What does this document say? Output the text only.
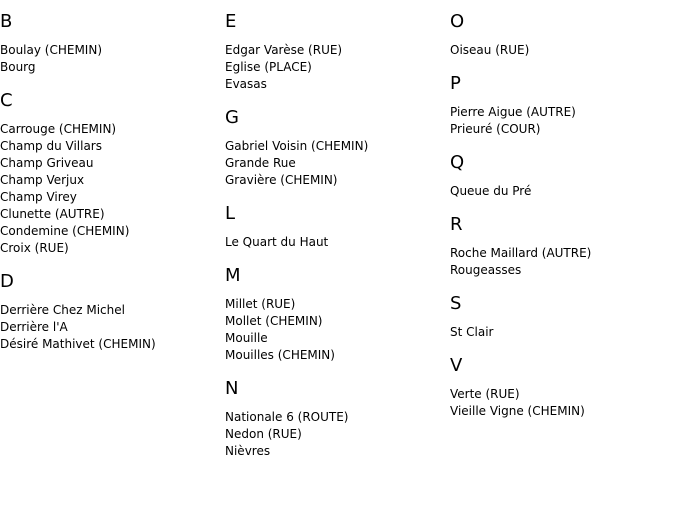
B
Boulay (CHEMIN)
Bourg
C
Carrouge (CHEMIN)
Champ du Villars
Champ Griveau
Champ Verjux
Champ Virey
Clunette (AUTRE)
Condemine (CHEMIN)
Croix (RUE)
D
Derrière Chez Michel
Derrière l'A
Désiré Mathivet (CHEMIN)
E
Edgar Varèse (RUE)
Eglise (PLACE)
Evasas
G
Gabriel Voisin (CHEMIN)
Grande Rue
Gravière (CHEMIN)
L
Le Quart du Haut
M
Millet (RUE)
Mollet (CHEMIN)
Mouille
Mouilles (CHEMIN)
N
Nationale 6 (ROUTE)
Nedon (RUE)
Nièvres
O
Oiseau (RUE)
P
Pierre Aigue (AUTRE)
Prieuré (COUR)
Q
Queue du Pré
R
Roche Maillard (AUTRE)
Rougeasses
S
St Clair
V
Verte (RUE)
Vieille Vigne (CHEMIN)
